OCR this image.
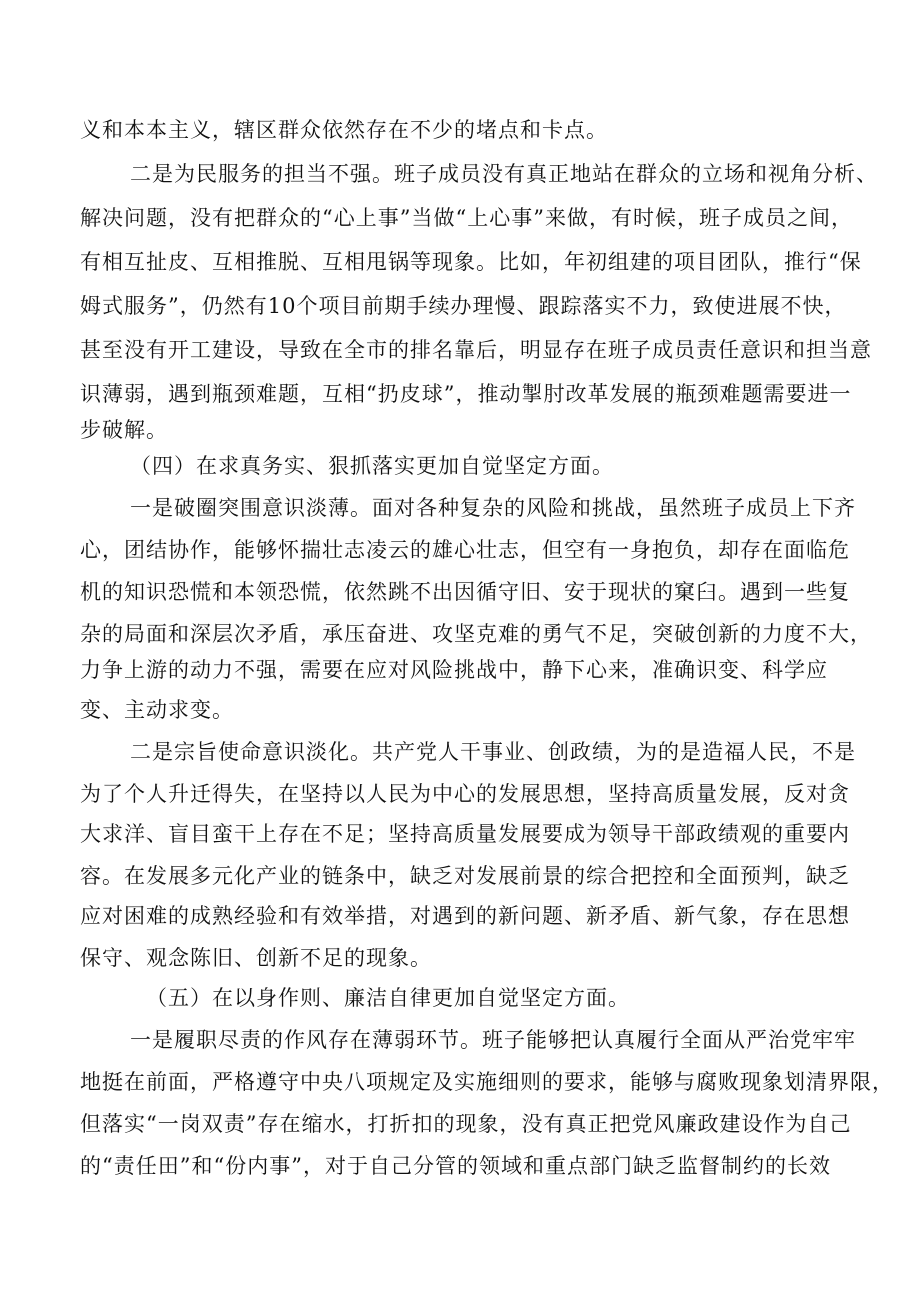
义和本本主义，辖区群众依然存在不少的堵点和卡点。
二是为民服务的担当不强。班子成员没有真正地站在群众的立场和视角分析、
解决问题，没有把群众的“心上事”当做“上心事”来做，有时候，班子成员之间，
有相互扯皮、互相推脱、互相甩锅等现象。比如，年初组建的项目团队，推行“保
姆式服务”，仍然有10个项目前期手续办理慢、跟踪落实不力，致使进展不快，
甚至没有开工建设，导致在全市的排名靠后，明显存在班子成员责任意识和担当意
识薄弱，遇到瓶颈难题，互相“扔皮球”，推动掣肘改革发展的瓶颈难题需要进一
步破解。
（四）在求真务实、狠抓落实更加自觉坚定方面。
一是破圈突围意识淡薄。面对各种复杂的风险和挑战，虽然班子成员上下齐
心，团结协作，能够怀揣壮志凌云的雄心壮志，但空有一身抱负，却存在面临危
机的知识恐慌和本领恐慌，依然跳不出因循守旧、安于现状的窠臼。遇到一些复
杂的局面和深层次矛盾，承压奋进、攻坚克难的勇气不足，突破创新的力度不大，
力争上游的动力不强，需要在应对风险挑战中，静下心来，准确识变、科学应
变、主动求变。
二是宗旨使命意识淡化。共产党人干事业、创政绩，为的是造福人民，不是
为了个人升迁得失，在坚持以人民为中心的发展思想，坚持高质量发展，反对贪
大求洋、盲目蛮干上存在不足；坚持高质量发展要成为领导干部政绩观的重要内
容。在发展多元化产业的链条中，缺乏对发展前景的综合把控和全面预判，缺乏
应对困难的成熟经验和有效举措，对遇到的新问题、新矛盾、新气象，存在思想
保守、观念陈旧、创新不足的现象。
（五）在以身作则、廉洁自律更加自觉坚定方面。
一是履职尽责的作风存在薄弱环节。班子能够把认真履行全面从严治党牢牢
地挺在前面，严格遵守中央八项规定及实施细则的要求，能够与腐败现象划清界限，
但落实“一岗双责”存在缩水，打折扣的现象，没有真正把党风廉政建设作为自己
的“责任田”和“份内事”，对于自己分管的领域和重点部门缺乏监督制约的长效
